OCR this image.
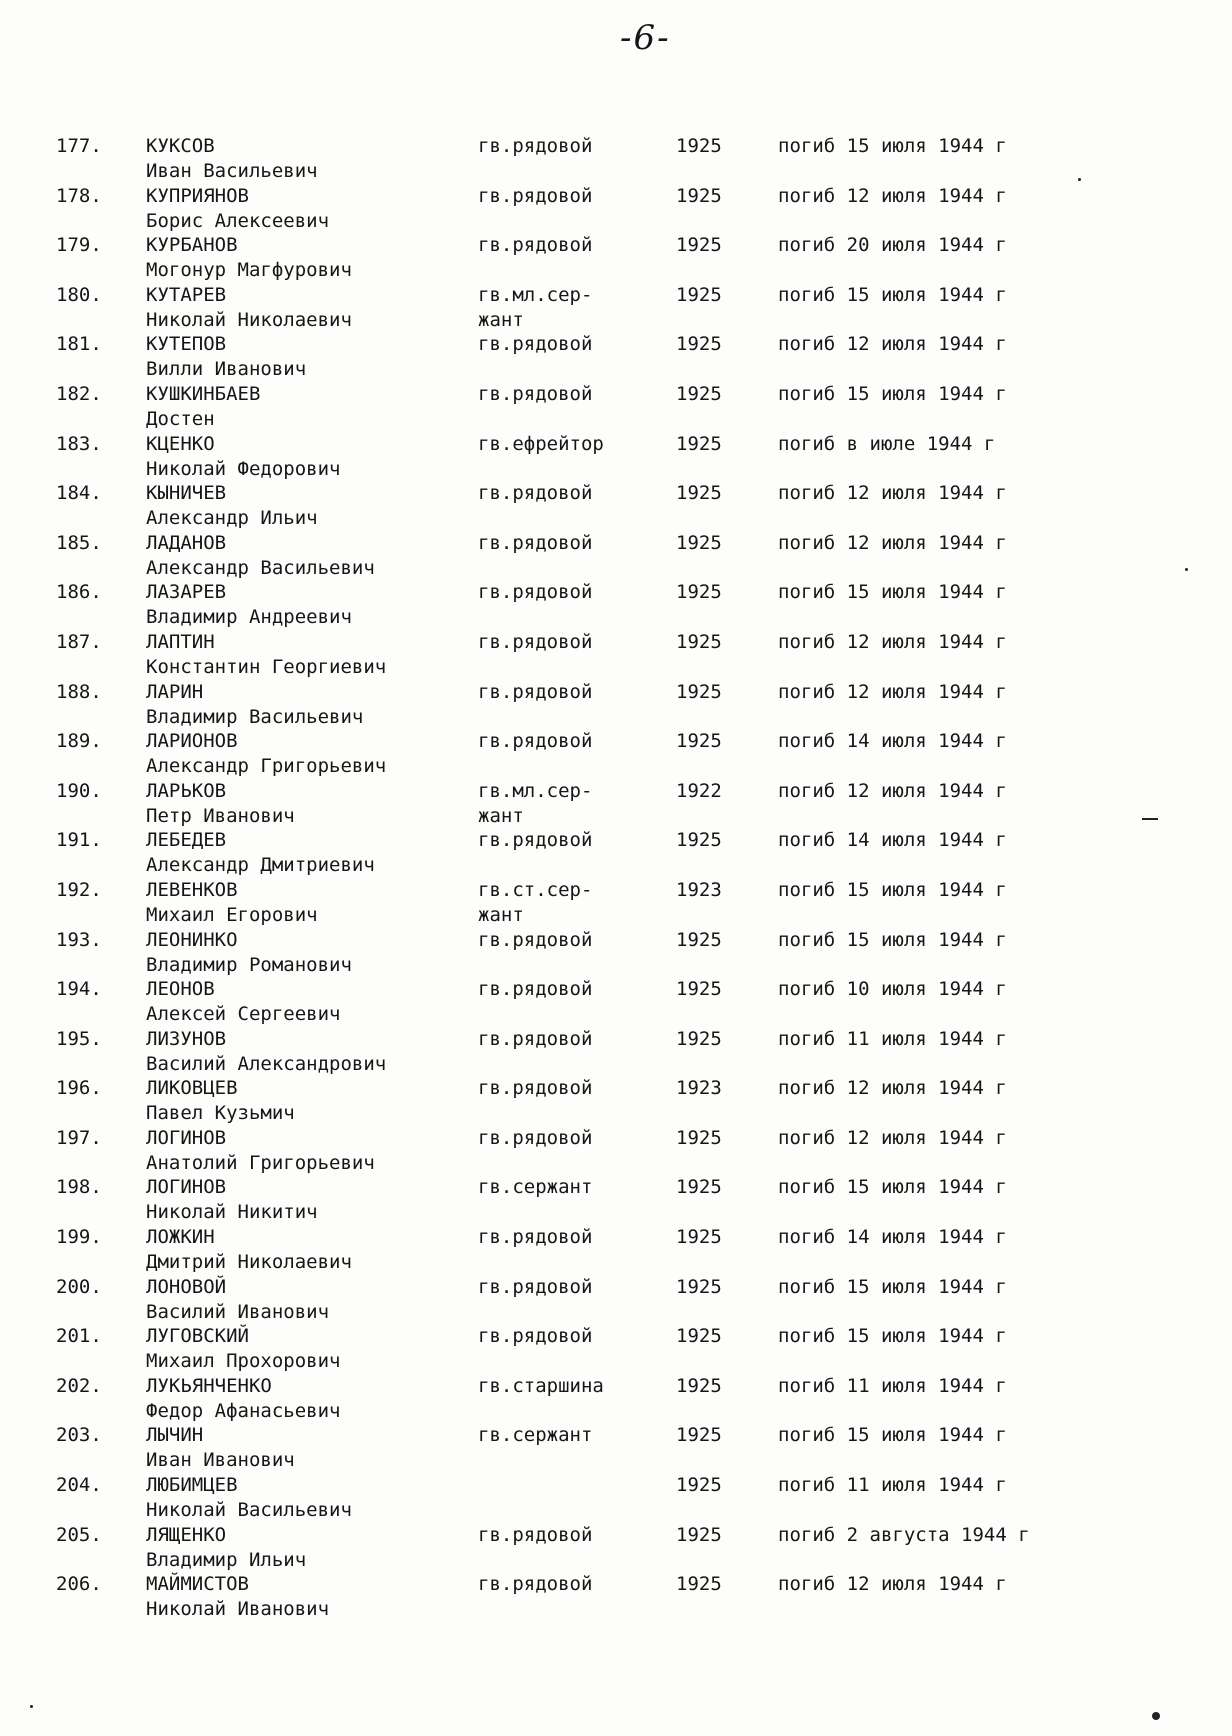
-6-
177. КУКСОВ
Иван Васильевич
гв.рядовой	1925	погиб 15 июля 1944 г
178. КУПРИЯНОВ
Борис Алексеевич
гв.рядовой	1925	погиб 12 июля 1944 г
179. КУРБАНОВ
Могонур Магфурович
гв.рядовой	1925	погиб 20 июля 1944 г
180. КУТАРЕВ
Николай Николаевич
гв.мл.сер-
жант
1925	погиб 15 июля 1944 г
181. КУТЕПОВ
Вилли Иванович
гв.рядовой	1925	погиб 12 июля 1944 г
182. КУШКИНБАЕВ
Достен
гв.рядовой	1925	погиб 15 июля 1944 г
183. КЦЕНКО
Николай Федорович
гв.ефрейтор	1925	погиб в июле 1944 г
184. КЫНИЧЕВ
Александр Ильич
гв.рядовой	1925	погиб 12 июля 1944 г
185. ЛАДАНОВ
Александр Васильевич
гв.рядовой	1925	погиб 12 июля 1944 г
186. ЛАЗАРЕВ
Владимир Андреевич
гв.рядовой	1925	погиб 15 июля 1944 г
187. ЛАПТИН
Константин Георгиевич
гв.рядовой	1925	погиб 12 июля 1944 г
188. ЛАРИН
Владимир Васильевич
гв.рядовой	1925	погиб 12 июля 1944 г
189. ЛАРИОНОВ
Александр Григорьевич
гв.рядовой	1925	погиб 14 июля 1944 г
190. ЛАРЬКОВ
Петр Иванович
гв.мл.сер-
жант
1922	погиб 12 июля 1944 г
191. ЛЕБЕДЕВ
Александр Дмитриевич
гв.рядовой	1925	погиб 14 июля 1944 г
192. ЛЕВЕНКОВ
Михаил Егорович
гв.ст.сер-
жант
1923	погиб 15 июля 1944 г
193. ЛЕОНИНКО
Владимир Романович
гв.рядовой	1925	погиб 15 июля 1944 г
194. ЛЕОНОВ
Алексей Сергеевич
гв.рядовой	1925	погиб 10 июля 1944 г
195. ЛИЗУНОВ
Василий Александрович
гв.рядовой	1925	погиб 11 июля 1944 г
196. ЛИКОВЦЕВ
Павел Кузьмич
гв.рядовой	1923	погиб 12 июля 1944 г
197. ЛОГИНОВ
Анатолий Григорьевич
гв.рядовой	1925	погиб 12 июля 1944 г
198. ЛОГИНОВ
Николай Никитич
гв.сержант	1925	погиб 15 июля 1944 г
199. ЛОЖКИН
Дмитрий Николаевич
гв.рядовой	1925	погиб 14 июля 1944 г
200. ЛОНОВОЙ
Василий Иванович
гв.рядовой	1925	погиб 15 июля 1944 г
201. ЛУГОВСКИЙ
Михаил Прохорович
гв.рядовой	1925	погиб 15 июля 1944 г
202. ЛУКЬЯНЧЕНКО
Федор Афанасьевич
гв.старшина	1925	погиб 11 июля 1944 г
203. ЛЫЧИН
Иван Иванович
гв.сержант	1925	погиб 15 июля 1944 г
204. ЛЮБИМЦЕВ
Николай Васильевич
1925	погиб 11 июля 1944 г
205. ЛЯЩЕНКО
Владимир Ильич
гв.рядовой	1925	погиб 2 августа 1944 г
206. МАЙМИСТОВ
Николай Иванович
гв.рядовой	1925	погиб 12 июля 1944 г
